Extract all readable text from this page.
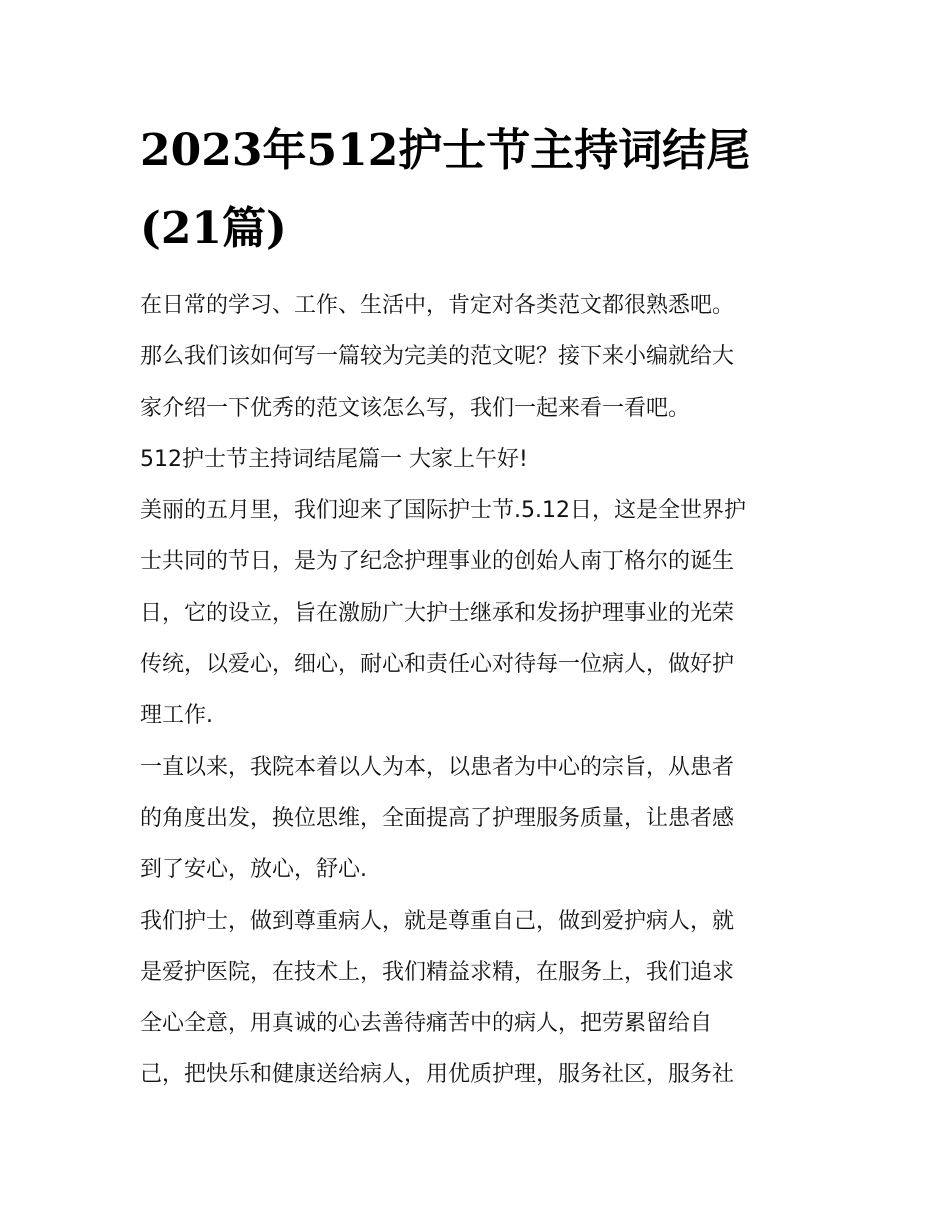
2023年512护士节主持词结尾
(21篇)
在日常的学习、工作、生活中，肯定对各类范文都很熟悉吧。
那么我们该如何写一篇较为完美的范文呢？接下来小编就给大
家介绍一下优秀的范文该怎么写，我们一起来看一看吧。
512护士节主持词结尾篇一 大家上午好!
美丽的五月里，我们迎来了国际护士节.5.12日，这是全世界护
士共同的节日，是为了纪念护理事业的创始人南丁格尔的诞生
日，它的设立，旨在激励广大护士继承和发扬护理事业的光荣
传统，以爱心，细心，耐心和责任心对待每一位病人，做好护
理工作.
一直以来，我院本着以人为本，以患者为中心的宗旨，从患者
的角度出发，换位思维，全面提高了护理服务质量，让患者感
到了安心，放心，舒心.
我们护士，做到尊重病人，就是尊重自己，做到爱护病人，就
是爱护医院，在技术上，我们精益求精，在服务上，我们追求
全心全意，用真诚的心去善待痛苦中的病人，把劳累留给自
己，把快乐和健康送给病人，用优质护理，服务社区，服务社
